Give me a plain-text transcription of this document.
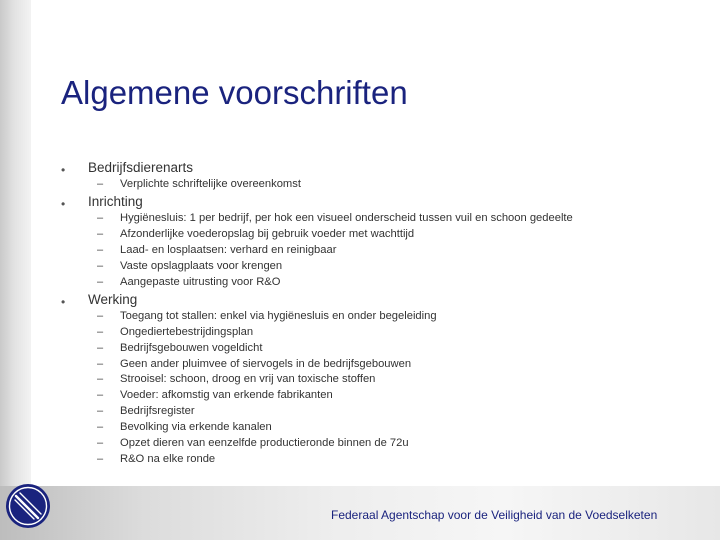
Algemene voorschriften
• Bedrijfsdierenarts
– Verplichte schriftelijke overeenkomst
• Inrichting
– Hygiënesluis: 1 per bedrijf, per hok een visueel onderscheid tussen vuil en schoon gedeelte
– Afzonderlijke voederopslag bij gebruik voeder met wachttijd
– Laad- en losplaatsen: verhard en reinigbaar
– Vaste opslagplaats voor krengen
– Aangepaste uitrusting voor R&O
• Werking
– Toegang tot stallen: enkel via hygiënesluis en onder begeleiding
– Ongediertebestrijdingsplan
– Bedrijfsgebouwen vogeldicht
– Geen ander pluimvee of siervogels in de bedrijfsgebouwen
– Strooisel: schoon, droog en vrij van toxische stoffen
– Voeder: afkomstig van erkende fabrikanten
– Bedrijfsregister
– Bevolking via erkende kanalen
– Opzet dieren van eenzelfde productieronde binnen de 72u
– R&O na elke ronde
Federaal Agentschap voor de Veiligheid van de Voedselketen
